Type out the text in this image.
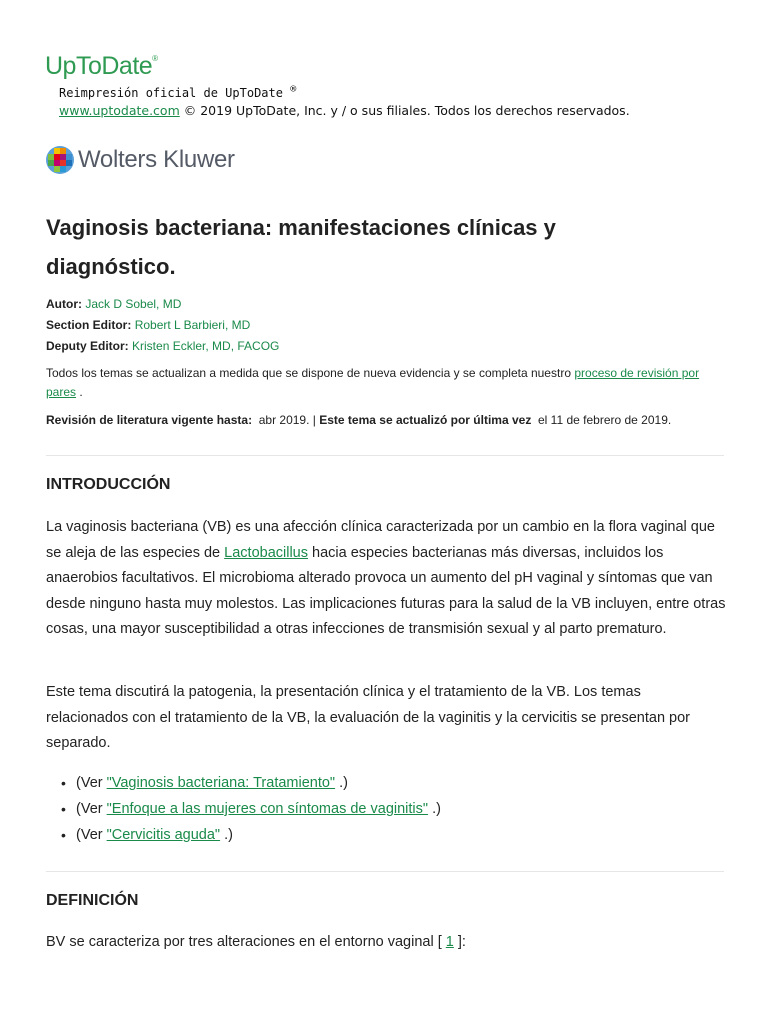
UpToDate®
Reimpresión oficial de UpToDate ®
www.uptodate.com © 2019 UpToDate, Inc. y / o sus filiales. Todos los derechos reservados.
Wolters Kluwer
Vaginosis bacteriana: manifestaciones clínicas y diagnóstico.
Autor: Jack D Sobel, MD
Section Editor: Robert L Barbieri, MD
Deputy Editor: Kristen Eckler, MD, FACOG
Todos los temas se actualizan a medida que se dispone de nueva evidencia y se completa nuestro proceso de revisión por pares .
Revisión de literatura vigente hasta: abr 2019. | Este tema se actualizó por última vez el 11 de febrero de 2019.
INTRODUCCIÓN

La vaginosis bacteriana (VB) es una afección clínica caracterizada por un cambio en la flora vaginal que se aleja de las especies de Lactobacillus hacia especies bacterianas más diversas, incluidos los anaerobios facultativos. El microbioma alterado provoca un aumento del pH vaginal y síntomas que van desde ninguno hasta muy molestos. Las implicaciones futuras para la salud de la VB incluyen, entre otras cosas, una mayor susceptibilidad a otras infecciones de transmisión sexual y al parto prematuro.

Este tema discutirá la patogenia, la presentación clínica y el tratamiento de la VB. Los temas relacionados con el tratamiento de la VB, la evaluación de la vaginitis y la cervicitis se presentan por separado.

• (Ver "Vaginosis bacteriana: Tratamiento" .)
• (Ver "Enfoque a las mujeres con síntomas de vaginitis" .)
• (Ver "Cervicitis aguda" .)
DEFINICIÓN

BV se caracteriza por tres alteraciones en el entorno vaginal [ 1 ]:
